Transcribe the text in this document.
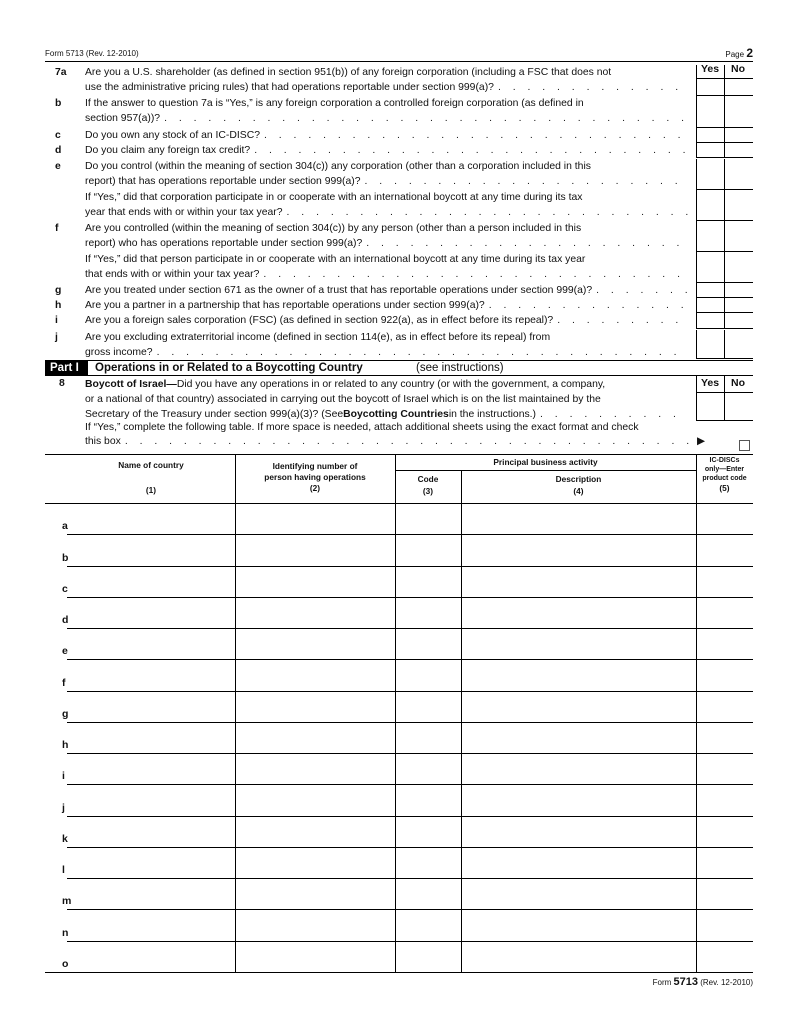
Form 5713 (Rev. 12-2010)	Page 2
7a	Are you a U.S. shareholder (as defined in section 951(b)) of any foreign corporation (including a FSC that does not
use the administrative pricing rules) that had operations reportable under section 999(a)?
. . .
b	If the answer to question 7a is “Yes,” is any foreign corporation a controlled foreign corporation (as defined in
section 957(a))?
. . .
c	Do you own any stock of an IC-DISC?
. . .
d	Do you claim any foreign tax credit?
. . .
e	Do you control (within the meaning of section 304(c)) any corporation (other than a corporation included in this
report) that has operations reportable under section 999(a)?
. . .
If “Yes,” did that corporation participate in or cooperate with an international boycott at any time during its tax
year that ends with or within your tax year?
. . .
f	Are you controlled (within the meaning of section 304(c)) by any person (other than a person included in this
report) who has operations reportable under section 999(a)?
. . .
If “Yes,” did that person participate in or cooperate with an international boycott at any time during its tax year
that ends with or within your tax year?
. . .
g	Are you treated under section 671 as the owner of a trust that has reportable operations under section 999(a)?
. . .
h	Are you a partner in a partnership that has reportable operations under section 999(a)?
. . .
i	Are you a foreign sales corporation (FSC) (as defined in section 922(a), as in effect before its repeal)?
. . .
j	Are you excluding extraterritorial income (defined in section 114(e), as in effect before its repeal) from
gross income?
. . .
Yes No
Part I	Operations in or Related to a Boycotting Country	(see instructions)
8	Boycott of Israel— Did you have any operations in or related to any country (or with the government, a company,
or a national of that country) associated in carrying out the boycott of Israel which is on the list maintained by the
Secretary of the Treasury under section 999(a)(3)? (See Boycotting Countries in the instructions.)
. . .
If “Yes,” complete the following table. If more space is needed, attach additional sheets using the exact format and check
this box . . .	▶
Yes No
Name of country
(1)
Identifying number of
person having operations
(2)
Principal business activity
Code
(3)
Description
(4)
IC-DISCs
only—Enter
product code
(5)
a
b
c
d
e
f
g
h
i
j
k
l
m
n
o
Form 5713 (Rev. 12-2010)
